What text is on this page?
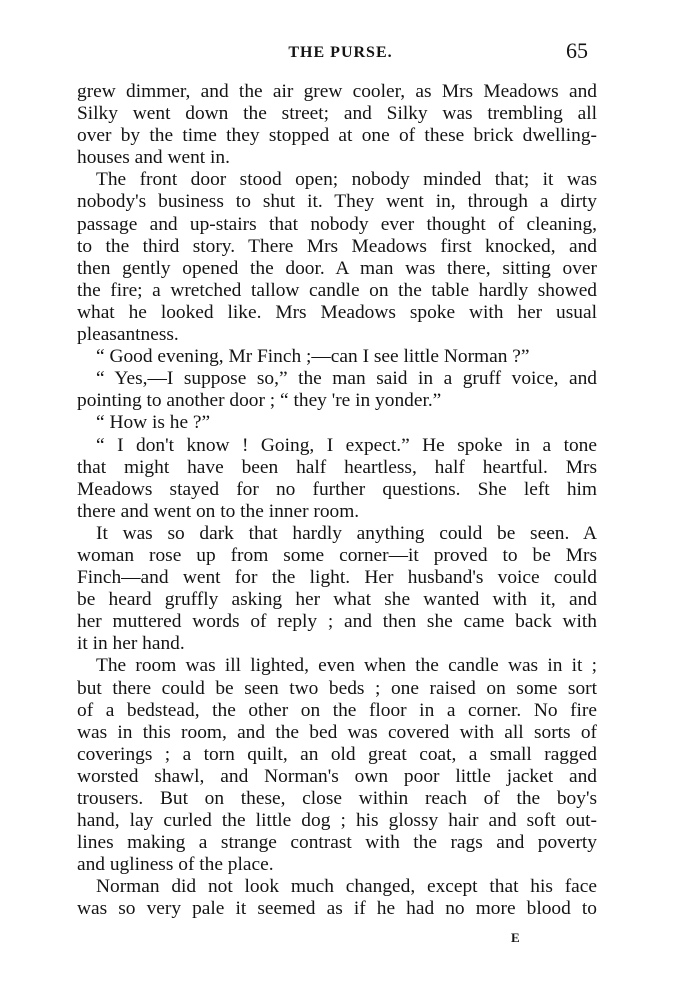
THE PURSE.	65
grew dimmer, and the air grew cooler, as Mrs Meadows and
Silky went down the street; and Silky was trembling all
over by the time they stopped at one of these brick dwelling-
houses and went in.
The front door stood open; nobody minded that; it was
nobody's business to shut it. They went in, through a dirty
passage and up-stairs that nobody ever thought of cleaning,
to the third story. There Mrs Meadows first knocked, and
then gently opened the door. A man was there, sitting over
the fire; a wretched tallow candle on the table hardly showed
what he looked like. Mrs Meadows spoke with her usual
pleasantness.
“ Good evening, Mr Finch ;—can I see little Norman ?”
“ Yes,—I suppose so,” the man said in a gruff voice, and
pointing to another door ; “ they 're in yonder.”
“ How is he ?”
“ I don't know ! Going, I expect.” He spoke in a tone
that might have been half heartless, half heartful. Mrs
Meadows stayed for no further questions. She left him
there and went on to the inner room.
It was so dark that hardly anything could be seen. A
woman rose up from some corner—it proved to be Mrs
Finch—and went for the light. Her husband's voice could
be heard gruffly asking her what she wanted with it, and
her muttered words of reply ; and then she came back with
it in her hand.
The room was ill lighted, even when the candle was in it ;
but there could be seen two beds ; one raised on some sort
of a bedstead, the other on the floor in a corner. No fire
was in this room, and the bed was covered with all sorts of
coverings ; a torn quilt, an old great coat, a small ragged
worsted shawl, and Norman's own poor little jacket and
trousers. But on these, close within reach of the boy's
hand, lay curled the little dog ; his glossy hair and soft out-
lines making a strange contrast with the rags and poverty
and ugliness of the place.
Norman did not look much changed, except that his face
was so very pale it seemed as if he had no more blood to
E
